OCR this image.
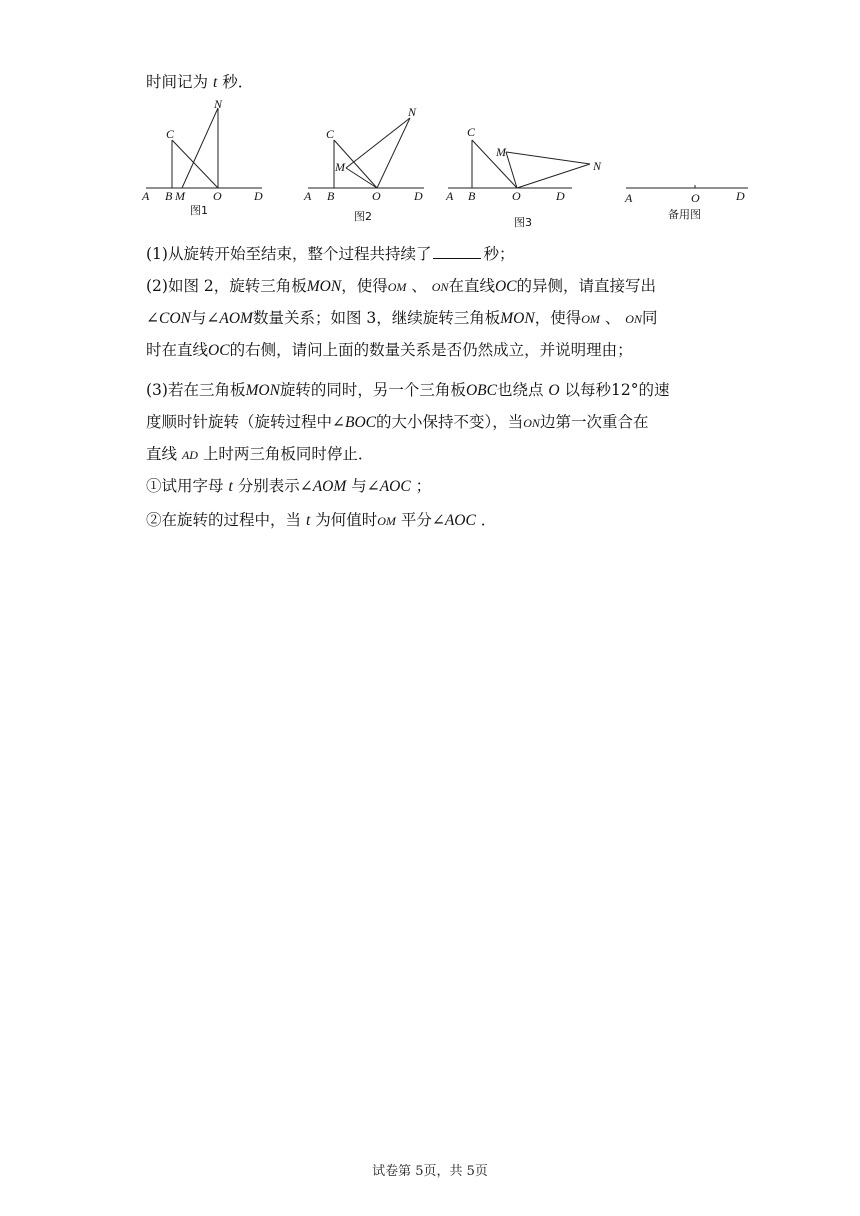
时间记为 t 秒．
A B M O	D
C
N
图1
A B	O	D
C
M
N
图2
A B	O	D
C
M
N
图3
A	O	D
备用图
(1)从旋转开始至结束，整个过程共持续了	秒；
(2)如图 2，旋转三角板MON，使得OM 、 ON在直线OC的异侧，请直接写出
∠CON与∠AOM数量关系；如图 3，继续旋转三角板MON，使得OM 、 ON同
时在直线OC的右侧，请问上面的数量关系是否仍然成立，并说明理由；
(3)若在三角板MON旋转的同时，另一个三角板OBC也绕点 O 以每秒12°的速
度顺时针旋转（旋转过程中∠BOC的大小保持不变），当ON边第一次重合在
直线 AD 上时两三角板同时停止．
①试用字母 t 分别表示∠AOM 与∠AOC ；
②在旋转的过程中，当 t 为何值时OM 平分∠AOC ．
试卷第 5页，共 5页
